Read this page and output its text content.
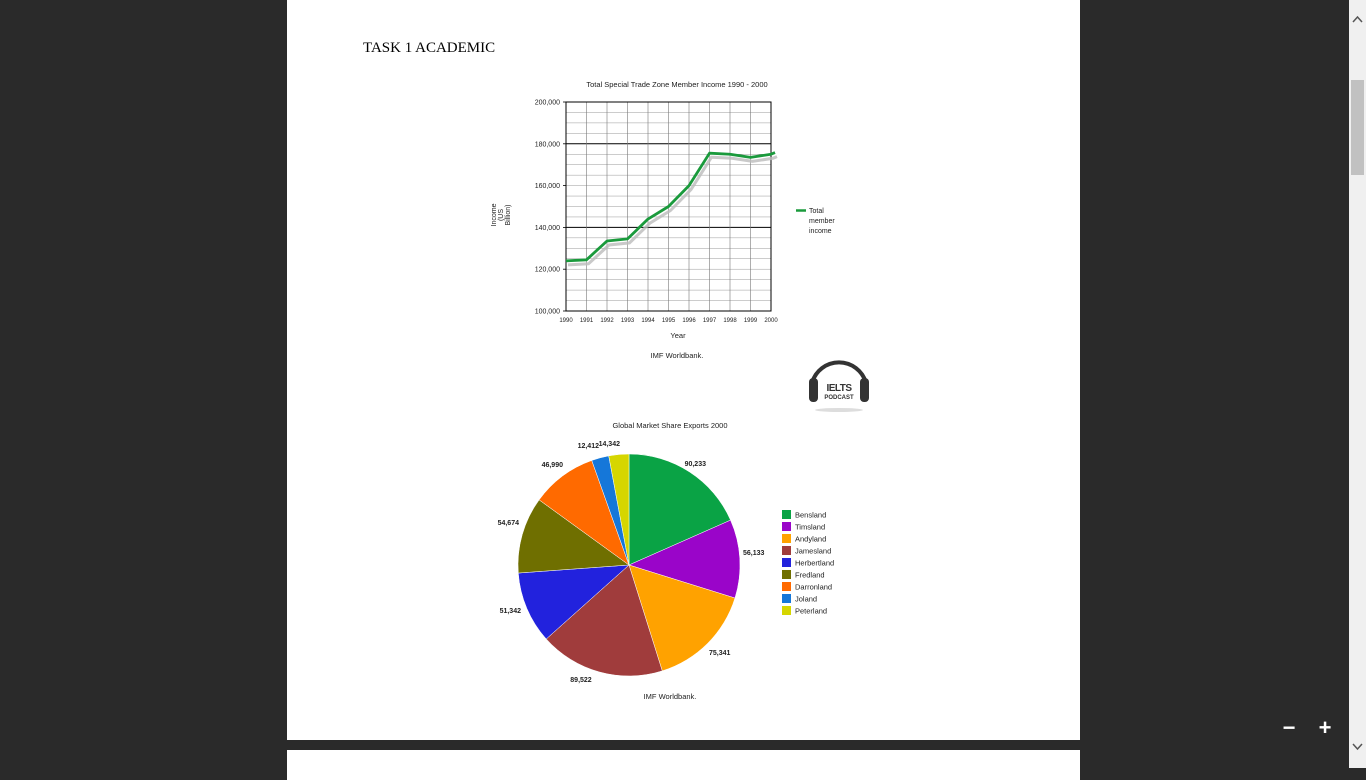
TASK 1 ACADEMIC
Total Special Trade Zone Member Income 1990 - 2000
Year
IMF Worldbank.
Income(USBillion)	Total member income
IELTS
PODCAST
Global Market Share Exports 2000
IMF Worldbank.
100,000
120,000
140,000
160,000
180,000
200,000
1990 1991 1992 1993 1994 1995 1996 1997 1998 1999 2000
90,233
56,133
75,341
89,522
51,342
54,674
46,990
12,412 14,342
Bensland
Timsland
Andyland
Jamesland
Herbertland
Fredland
Darronland
Joland
Peterland
− +
